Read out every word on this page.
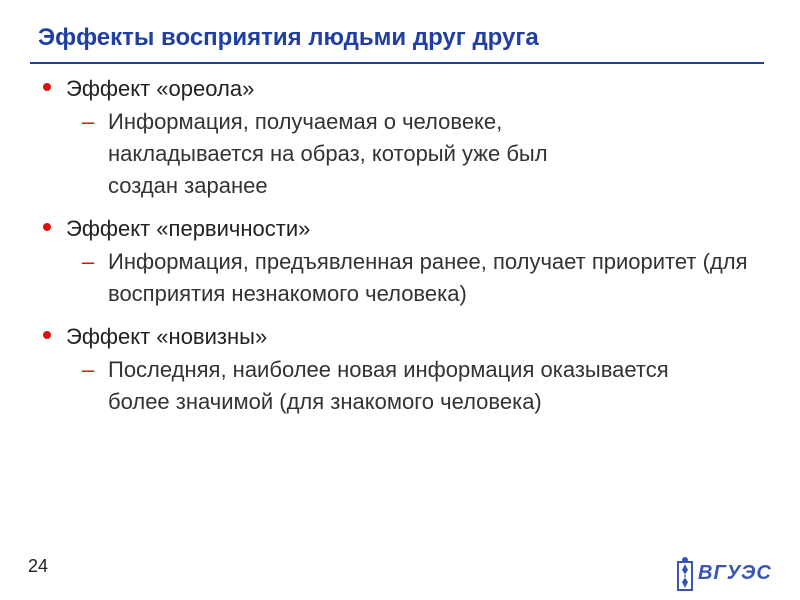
Эффекты восприятия людьми друг друга
Эффект «ореола»
– Информация, получаемая о человеке, накладывается на образ, который уже был создан заранее
Эффект «первичности»
– Информация, предъявленная ранее, получает приоритет (для восприятия незнакомого человека)
Эффект «новизны»
– Последняя, наиболее новая информация оказывается более значимой (для знакомого человека)
24	ВГУЭС
